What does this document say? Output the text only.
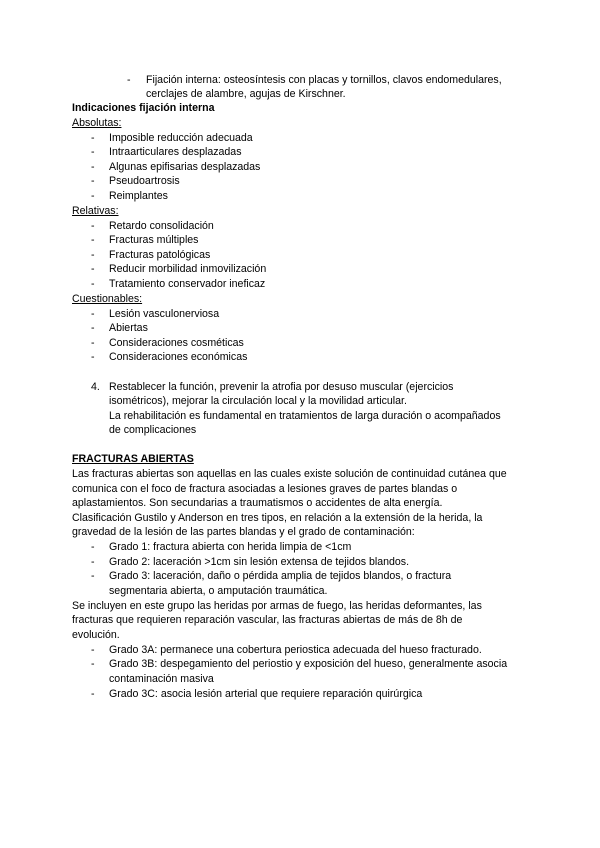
- Fijación interna: osteosíntesis con placas y tornillos, clavos endomedulares,
cerclajes de alambre, agujas de Kirschner.
Indicaciones fijación interna
Absolutas:
- Imposible reducción adecuada
- Intraarticulares desplazadas
- Algunas epifisarias desplazadas
- Pseudoartrosis
- Reimplantes
Relativas:
- Retardo consolidación
- Fracturas múltiples
- Fracturas patológicas
- Reducir morbilidad inmovilización
- Tratamiento conservador ineficaz
Cuestionables:
- Lesión vasculonerviosa
- Abiertas
- Consideraciones cosméticas
- Consideraciones económicas
4. Restablecer la función, prevenir la atrofia por desuso muscular (ejercicios
isométricos), mejorar la circulación local y la movilidad articular.
La rehabilitación es fundamental en tratamientos de larga duración o acompañados
de complicaciones
FRACTURAS ABIERTAS
Las fracturas abiertas son aquellas en las cuales existe solución de continuidad cutánea que
comunica con el foco de fractura asociadas a lesiones graves de partes blandas o
aplastamientos. Son secundarias a traumatismos o accidentes de alta energía.
Clasificación Gustilo y Anderson en tres tipos, en relación a la extensión de la herida, la
gravedad de la lesión de las partes blandas y el grado de contaminación:
- Grado 1: fractura abierta con herida limpia de <1cm
- Grado 2: laceración >1cm sin lesión extensa de tejidos blandos.
- Grado 3: laceración, daño o pérdida amplia de tejidos blandos, o fractura
segmentaria abierta, o amputación traumática.
Se incluyen en este grupo las heridas por armas de fuego, las heridas deformantes, las
fracturas que requieren reparación vascular, las fracturas abiertas de más de 8h de
evolución.
- Grado 3A: permanece una cobertura periostica adecuada del hueso fracturado.
- Grado 3B: despegamiento del periostio y exposición del hueso, generalmente asocia
contaminación masiva
- Grado 3C: asocia lesión arterial que requiere reparación quirúrgica
